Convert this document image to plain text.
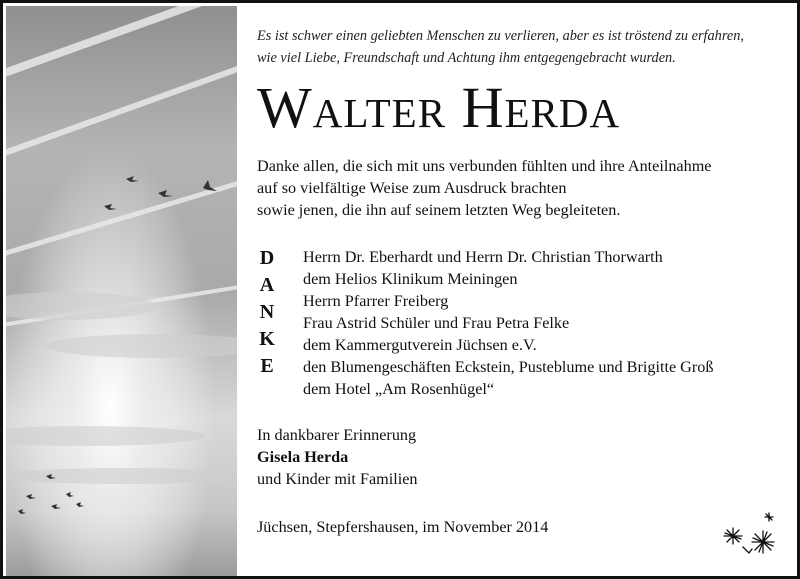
Es ist schwer einen geliebten Menschen zu verlieren, aber es ist tröstend zu erfahren,
wie viel Liebe, Freundschaft und Achtung ihm entgegengebracht wurden.
Walter Herda
Danke allen, die sich mit uns verbunden fühlten und ihre Anteilnahme
auf so vielfältige Weise zum Ausdruck brachten
sowie jenen, die ihn auf seinem letzten Weg begleiteten.
D
A
N
K
E
Herrn Dr. Eberhardt und Herrn Dr. Christian Thorwarth
dem Helios Klinikum Meiningen
Herrn Pfarrer Freiberg
Frau Astrid Schüler und Frau Petra Felke
dem Kammergutverein Jüchsen e.V.
den Blumengeschäften Eckstein, Pusteblume und Brigitte Groß
dem Hotel „Am Rosenhügel“
In dankbarer Erinnerung
Gisela Herda
und Kinder mit Familien
Jüchsen, Stepfershausen, im November 2014
